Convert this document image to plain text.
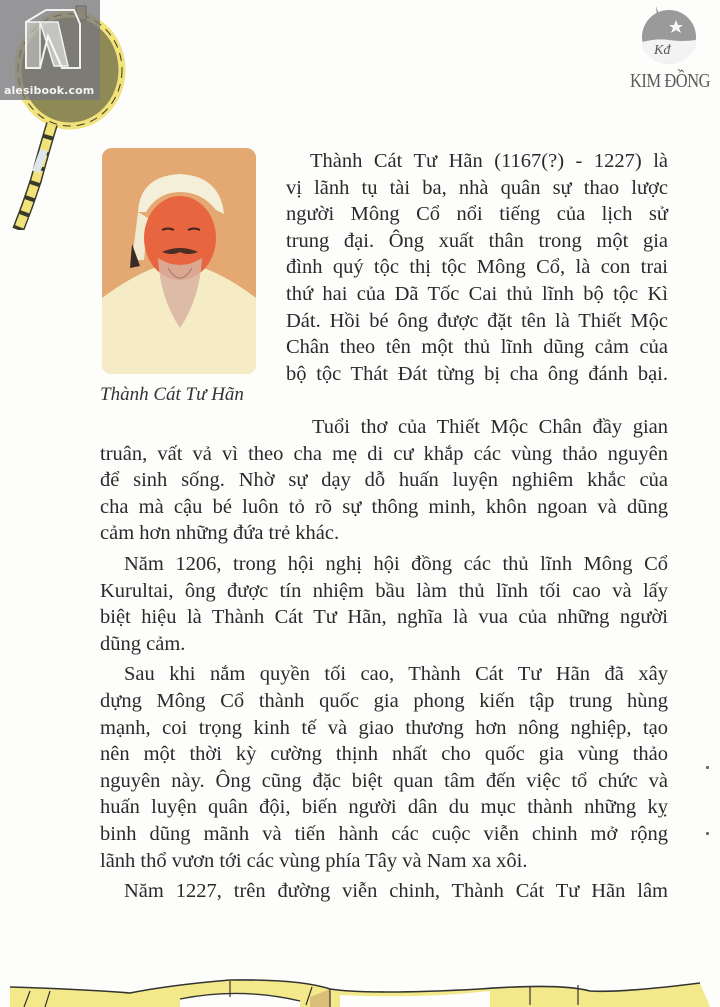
alesibook.com
Kđ
KIM ĐỒNG
Thành Cát Tư Hãn
Thành Cát Tư Hãn (1167(?) - 1227) là
vị lãnh tụ tài ba, nhà quân sự thao lược
người Mông Cổ nổi tiếng của lịch sử
trung đại. Ông xuất thân trong một gia
đình quý tộc thị tộc Mông Cổ, là con trai
thứ hai của Dã Tốc Cai thủ lĩnh bộ tộc Kì
Dát. Hồi bé ông được đặt tên là Thiết Mộc
Chân theo tên một thủ lĩnh dũng cảm của
bộ tộc Thát Đát từng bị cha ông đánh bại.
Tuổi thơ của Thiết Mộc Chân đầy gian
truân, vất vả vì theo cha mẹ di cư khắp các vùng thảo nguyên
để sinh sống. Nhờ sự dạy dỗ huấn luyện nghiêm khắc của
cha mà cậu bé luôn tỏ rõ sự thông minh, khôn ngoan và dũng
cảm hơn những đứa trẻ khác.
Năm 1206, trong hội nghị hội đồng các thủ lĩnh Mông Cổ
Kurultai, ông được tín nhiệm bầu làm thủ lĩnh tối cao và lấy
biệt hiệu là Thành Cát Tư Hãn, nghĩa là vua của những người
dũng cảm.
Sau khi nắm quyền tối cao, Thành Cát Tư Hãn đã xây
dựng Mông Cổ thành quốc gia phong kiến tập trung hùng
mạnh, coi trọng kinh tế và giao thương hơn nông nghiệp, tạo
nên một thời kỳ cường thịnh nhất cho quốc gia vùng thảo
nguyên này. Ông cũng đặc biệt quan tâm đến việc tổ chức và
huấn luyện quân đội, biến người dân du mục thành những kỵ
binh dũng mãnh và tiến hành các cuộc viễn chinh mở rộng
lãnh thổ vươn tới các vùng phía Tây và Nam xa xôi.
Năm 1227, trên đường viễn chinh, Thành Cát Tư Hãn lâm
